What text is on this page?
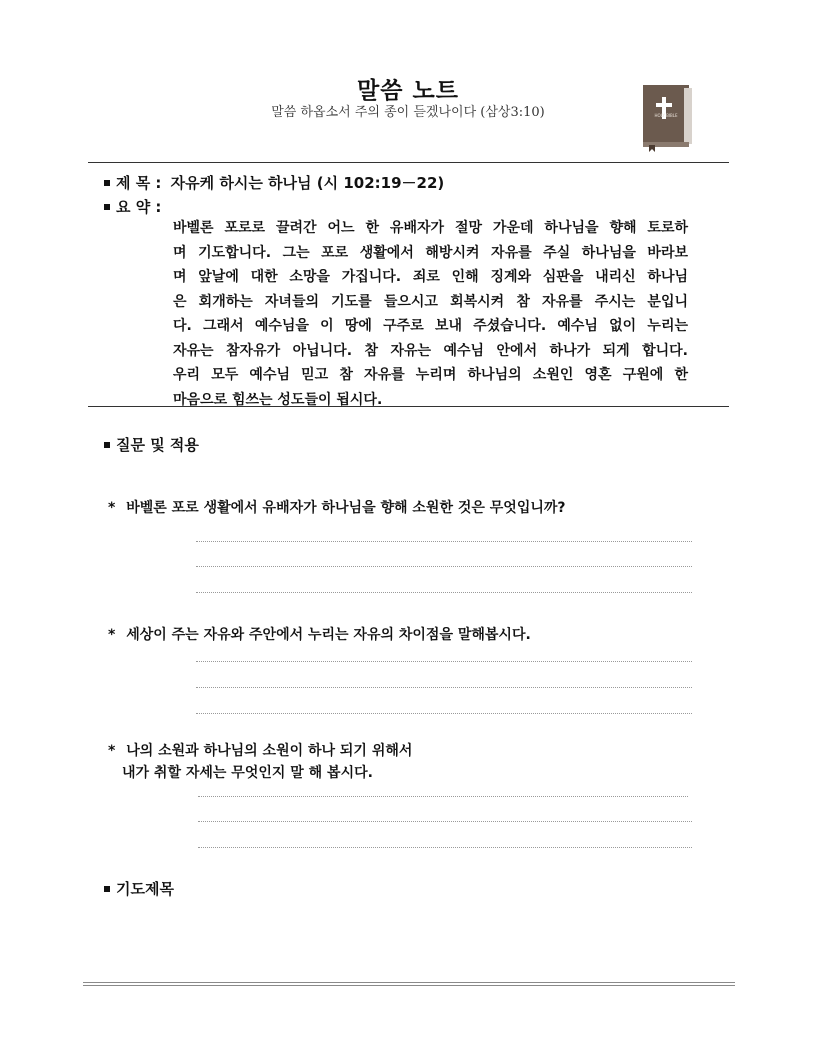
말씀 노트
말씀 하옵소서 주의 종이 듣겠나이다 (삼상3:10)	HOLY BIBLE
제 목 : 자유케 하시는 하나님 (시 102:19－22)
요 약 :
바벨론 포로로 끌려간 어느 한 유배자가 절망 가운데 하나님을 향해 토로하
며 기도합니다. 그는 포로 생활에서 해방시켜 자유를 주실 하나님을 바라보
며 앞날에 대한 소망을 가집니다. 죄로 인해 징계와 심판을 내리신 하나님
은 회개하는 자녀들의 기도를 들으시고 회복시켜 참 자유를 주시는 분입니
다. 그래서 예수님을 이 땅에 구주로 보내 주셨습니다. 예수님 없이 누리는
자유는 참자유가 아닙니다. 참 자유는 예수님 안에서 하나가 되게 합니다.
우리 모두 예수님 믿고 참 자유를 누리며 하나님의 소원인 영혼 구원에 한
마음으로 힘쓰는 성도들이 됩시다.
질문 및 적용
* 바벨론 포로 생활에서 유배자가 하나님을 향해 소원한 것은 무엇입니까?
* 세상이 주는 자유와 주안에서 누리는 자유의 차이점을 말해봅시다.
* 나의 소원과 하나님의 소원이 하나 되기 위해서
내가 취할 자세는 무엇인지 말 해 봅시다.
기도제목
